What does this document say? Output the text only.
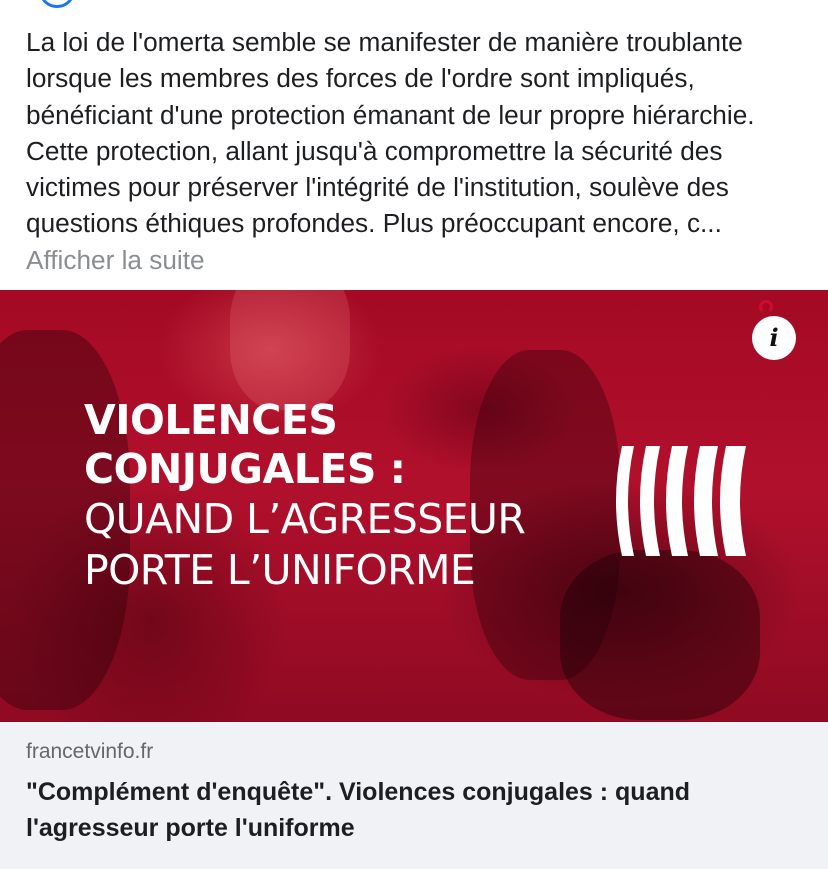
La loi de l'omerta semble se manifester de manière troublante lorsque les membres des forces de l'ordre sont impliqués, bénéficiant d'une protection émanant de leur propre hiérarchie. Cette protection, allant jusqu'à compromettre la sécurité des victimes pour préserver l'intégrité de l'institution, soulève des questions éthiques profondes. Plus préoccupant encore, c... Afficher la suite

VIOLENCES
CONJUGALES :
QUAND L’AGRESSEUR
PORTE L’UNIFORME
i
francetvinfo.fr
"Complément d'enquête". Violences conjugales : quand l'agresseur porte l'uniforme
